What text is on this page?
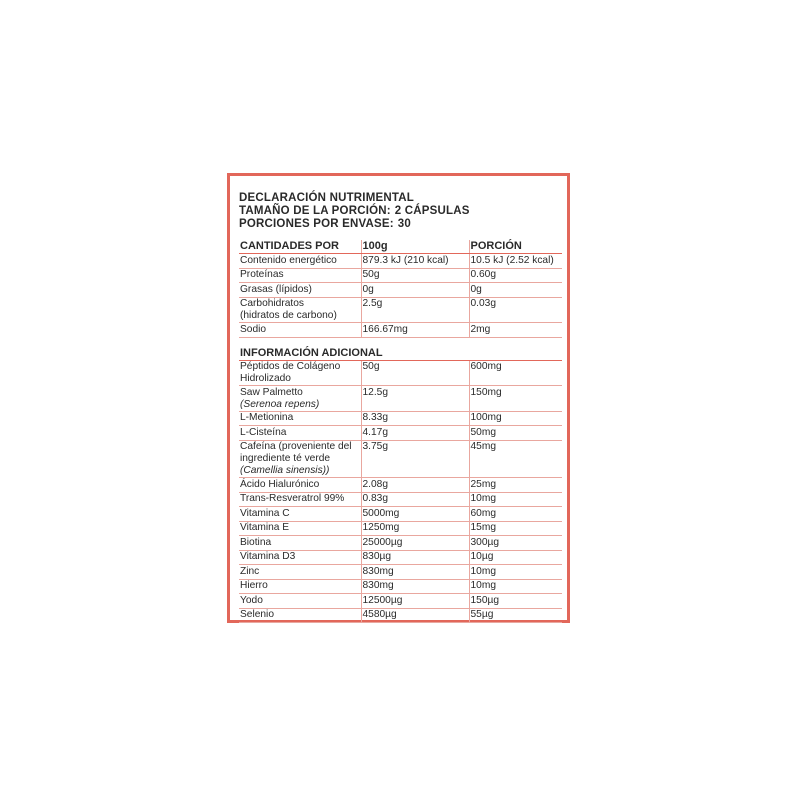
DECLARACIÓN NUTRIMENTAL
TAMAÑO DE LA PORCIÓN: 2 CÁPSULAS
PORCIONES POR ENVASE: 30
CANTIDADES POR	100g	PORCIÓN
Contenido energético	879.3 kJ (210 kcal)	10.5 kJ (2.52 kcal)
Proteínas	50g	0.60g
Grasas (lípidos)	0g	0g
Carbohidratos
(hidratos de carbono)	2.5g	0.03g
Sodio	166.67mg	2mg
INFORMACIÓN ADICIONAL		
Péptidos de Colágeno
Hidrolizado	50g	600mg
Saw Palmetto
(Serenoa repens)	12.5g	150mg
L-Metionina	8.33g	100mg
L-Cisteína	4.17g	50mg
Cafeína (proveniente del
ingrediente té verde
(Camellia sinensis))	3.75g	45mg
Ácido Hialurónico	2.08g	25mg
Trans-Resveratrol 99%	0.83g	10mg
Vitamina C	5000mg	60mg
Vitamina E	1250mg	15mg
Biotina	25000µg	300µg
Vitamina D3	830µg	10µg
Zinc	830mg	10mg
Hierro	830mg	10mg
Yodo	12500µg	150µg
Selenio	4580µg	55µg
